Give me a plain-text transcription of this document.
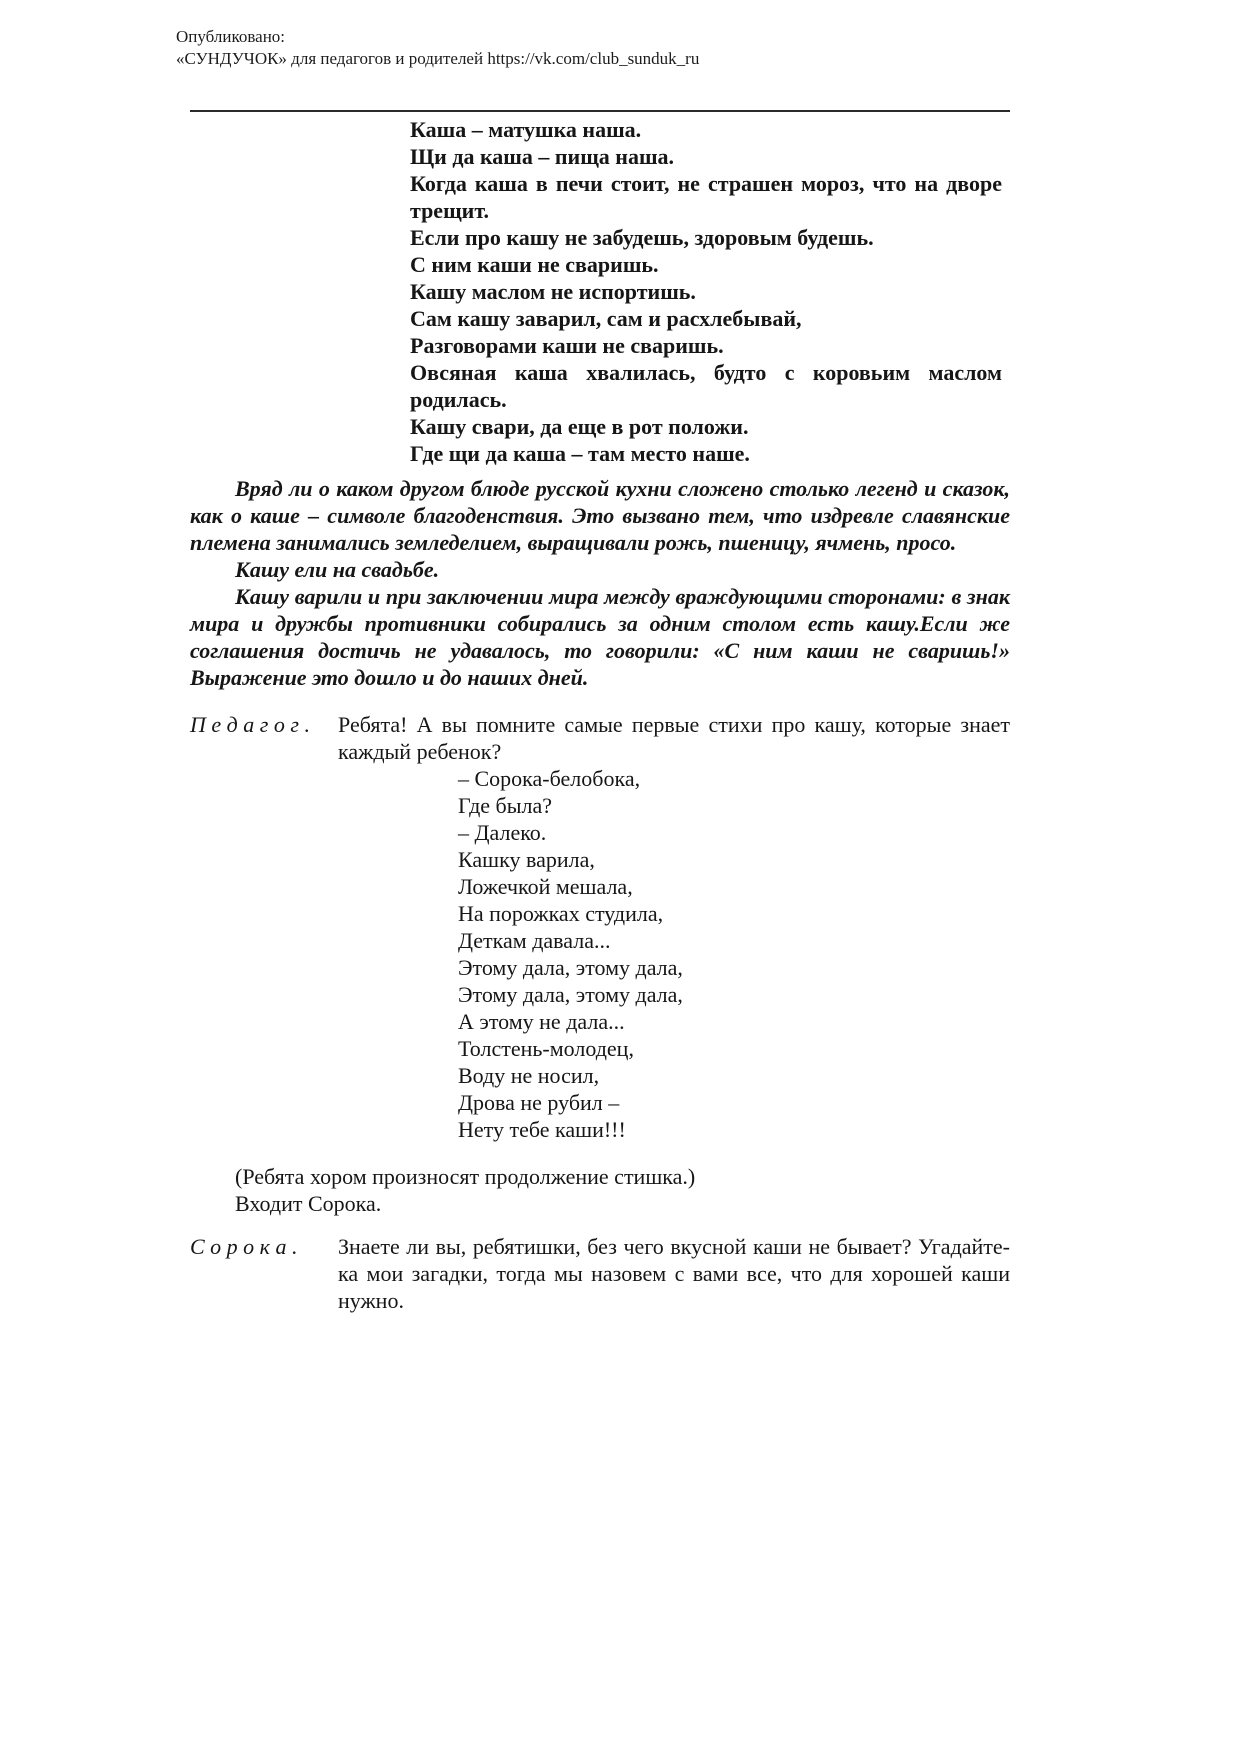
Опубликовано:
«СУНДУЧОК» для педагогов и родителей https://vk.com/club_sunduk_ru

Каша – матушка наша.

Щи да каша – пища наша.

Когда каша в печи стоит, не страшен мороз, что на дворе трещит.

Если про кашу не забудешь, здоровым будешь.

С ним каши не сваришь.

Кашу маслом не испортишь.

Сам кашу заварил, сам и расхлебывай,

Разговорами каши не сваришь.

Овсяная каша хвалилась, будто с коровьим маслом родилась.

Кашу свари, да еще в рот положи.

Где щи да каша – там место наше.

Вряд ли о каком другом блюде русской кухни сложено столько легенд и сказок, как о каше – символе благоденствия. Это вызвано тем, что издревле славянские племена занимались земледелием, выращивали рожь, пшеницу, ячмень, просо.

Кашу ели на свадьбе.

Кашу варили и при заключении мира между враждующими сторонами: в знак мира и дружбы противники собирались за одним столом есть кашу.Если же соглашения достичь не удавалось, то говорили: «С ним каши не сваришь!» Выражение это дошло и до наших дней.

П е д а г о г .	Ребята! А вы помните самые первые стихи про кашу, которые знает каждый ребенок?

– Сорока-белобока,

Где была?

– Далеко.

Кашку варила,

Ложечкой мешала,

На порожках студила,

Деткам давала...

Этому дала, этому дала,

Этому дала, этому дала,

А этому не дала...

Толстень-молодец,

Воду не носил,

Дрова не рубил –

Нету тебе каши!!!

(Ребята хором произносят продолжение стишка.)

Входит Сорока.

С о р о к а .	Знаете ли вы, ребятишки, без чего вкусной каши не бывает? Угадайте-ка мои загадки, тогда мы назовем с вами все, что для хорошей каши нужно.
